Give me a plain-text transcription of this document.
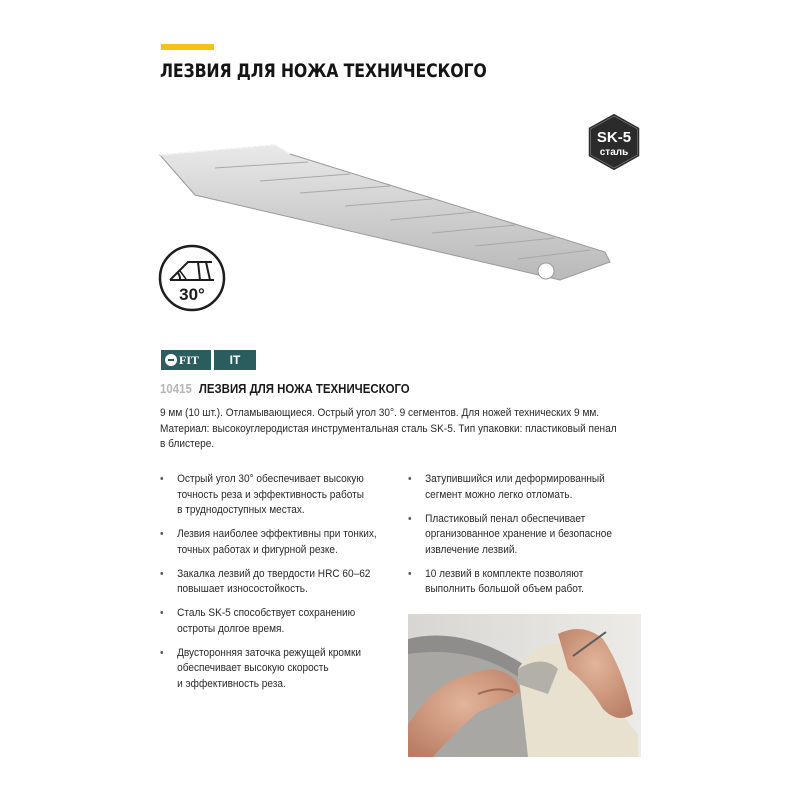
ЛЕЗВИЯ ДЛЯ НОЖА ТЕХНИЧЕСКОГО
SK-5
сталь
30°
FIT	IT
10415 ЛЕЗВИЯ ДЛЯ НОЖА ТЕХНИЧЕСКОГО
9 мм (10 шт.). Отламывающиеся. Острый угол 30°. 9 сегментов. Для ножей технических 9 мм.
Материал: высокоуглеродистая инструментальная сталь SK-5. Тип упаковки: пластиковый пенал
в блистере.
• Острый угол 30° обеспечивает высокую
точность реза и эффективность работы
в труднодоступных местах.
• Лезвия наиболее эффективны при тонких,
точных работах и фигурной резке.
• Закалка лезвий до твердости HRC 60–62
повышает износостойкость.
• Сталь SK-5 способствует сохранению
остроты долгое время.
• Двусторонняя заточка режущей кромки
обеспечивает высокую скорость
и эффективность реза.
• Затупившийся или деформированный
сегмент можно легко отломать.
• Пластиковый пенал обеспечивает
организованное хранение и безопасное
извлечение лезвий.
• 10 лезвий в комплекте позволяют
выполнить большой объем работ.
